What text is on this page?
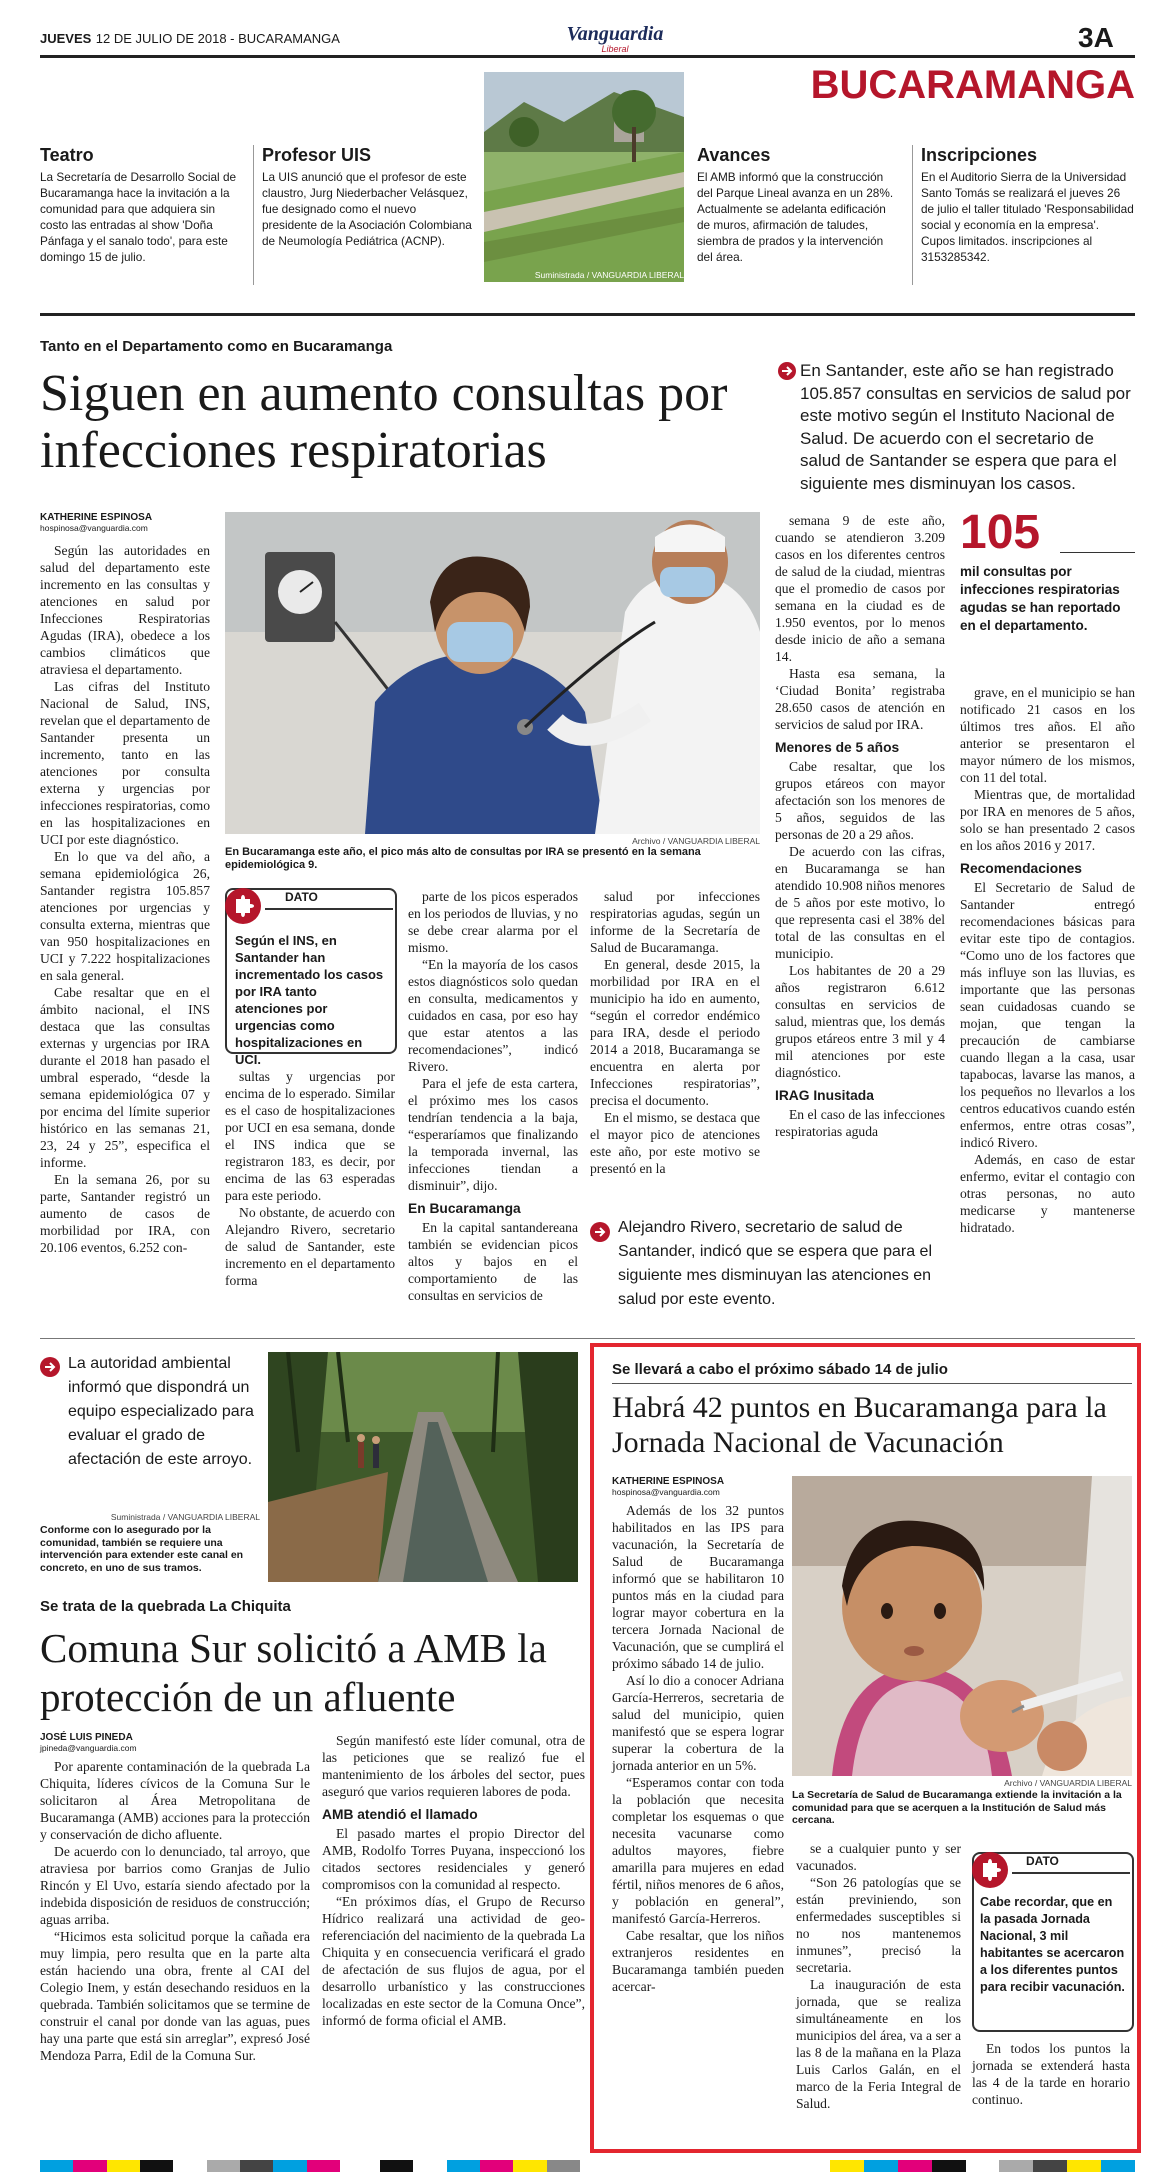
JUEVES 12 DE JULIO DE 2018 - BUCARAMANGA	Vanguardia
Liberal	3A
BUCARAMANGA
Teatro

La Secretaría de Desarrollo Social de Bucaramanga hace la invitación a la comunidad para que adquiera sin costo las entradas al show 'Doña Pánfaga y el sanalo todo', para este domingo 15 de julio.

Profesor UIS

La UIS anunció que el profesor de este claustro, Jurg Niederbacher Velásquez, fue designado como el nuevo presidente de la Asociación Colombiana de Neumología Pediátrica (ACNP).

Suministrada / VANGUARDIA LIBERAL
Avances

El AMB informó que la construcción del Parque Lineal avanza en un 28%. Actualmente se adelanta edificación de muros, afirmación de taludes, siembra de prados y la intervención del área.

Inscripciones

En el Auditorio Sierra de la Universidad Santo Tomás se realizará el jueves 26 de julio el taller titulado 'Responsabilidad social y economía en la empresa'. Cupos limitados. inscripciones al 3153285342.

Tanto en el Departamento como en Bucaramanga
Siguen en aumento consultas por infecciones respiratorias
En Santander, este año se han registrado 105.857 consultas en servicios de salud por este motivo según el Instituto Nacional de Salud. De acuerdo con el secretario de salud de Santander se espera que para el siguiente mes disminuyan los casos.
KATHERINE ESPINOSA
hospinosa@vanguardia.com
Archivo / VANGUARDIA LIBERAL
En Bucaramanga este año, el pico más alto de consultas por IRA se presentó en la semana epidemiológica 9.
105
mil consultas por infecciones respiratorias agudas se han reportado en el departamento.

Según las autoridades en salud del departamento este incremento en las consultas y atenciones en salud por Infecciones Respiratorias Agudas (IRA), obedece a los cambios climáticos que atraviesa el departamento.

Las cifras del Instituto Nacional de Salud, INS, revelan que el departamento de Santander presenta un incremento, tanto en las atenciones por consulta externa y urgencias por infecciones respiratorias, como en las hospitalizaciones en UCI por este diagnóstico.

En lo que va del año, a semana epidemiológica 26, Santander registra 105.857 atenciones por urgencias y consulta externa, mientras que van 950 hospitalizaciones en UCI y 7.222 hospitalizaciones en sala general.

Cabe resaltar que en el ámbito nacional, el INS destaca que las consultas externas y urgencias por IRA durante el 2018 han pasado el umbral esperado, “desde la semana epidemiológica 07 y por encima del límite superior histórico en las semanas 21, 23, 24 y 25”, especifica el informe.

En la semana 26, por su parte, Santander registró un aumento de casos de morbilidad por IRA, con 20.106 eventos, 6.252 con-

DATO
Según el INS, en Santander han incrementado los casos por IRA tanto atenciones por urgencias como hospitalizaciones en UCI.

sultas y urgencias por encima de lo esperado. Similar es el caso de hospitalizaciones por UCI en esa semana, donde el INS indica que se registraron 183, es decir, por encima de las 63 esperadas para este periodo.

No obstante, de acuerdo con Alejandro Rivero, secretario de salud de Santander, este incremento en el departamento forma

parte de los picos esperados en los periodos de lluvias, y no se debe crear alarma por el mismo.

“En la mayoría de los casos estos diagnósticos solo quedan en consulta, medicamentos y cuidados en casa, por eso hay que estar atentos a las recomendaciones”, indicó Rivero.

Para el jefe de esta cartera, el próximo mes los casos tendrían tendencia a la baja, “esperaríamos que finalizando la temporada invernal, las infecciones tiendan a disminuir”, dijo.

En Bucaramanga

En la capital santandereana también se evidencian picos altos y bajos en el comportamiento de las consultas en servicios de

salud por infecciones respiratorias agudas, según un informe de la Secretaría de Salud de Bucaramanga.

En general, desde 2015, la morbilidad por IRA en el municipio ha ido en aumento, “según el corredor endémico para IRA, desde el periodo 2014 a 2018, Bucaramanga se encuentra en alerta por Infecciones respiratorias”, precisa el documento.

En el mismo, se destaca que el mayor pico de atenciones este año, por este motivo se presentó en la

semana 9 de este año, cuando se atendieron 3.209 casos en los diferentes centros de salud de la ciudad, mientras que el promedio de casos por semana en la ciudad es de 1.950 eventos, por lo menos desde inicio de año a semana 14.

Hasta esa semana, la ‘Ciudad Bonita’ registraba 28.650 casos de atención en servicios de salud por IRA.

Menores de 5 años

Cabe resaltar, que los grupos etáreos con mayor afectación son los menores de 5 años, seguidos de las personas de 20 a 29 años.

De acuerdo con las cifras, en Bucaramanga se han atendido 10.908 niños menores de 5 años por este motivo, lo que representa casi el 38% del total de las consultas en el municipio.

Los habitantes de 20 a 29 años registraron 6.612 consultas en servicios de salud, mientras que, los demás grupos etáreos entre 3 mil y 4 mil atenciones por este diagnóstico.

IRAG Inusitada

En el caso de las infecciones respiratorias aguda

grave, en el municipio se han notificado 21 casos en los últimos tres años. El año anterior se presentaron el mayor número de los mismos, con 11 del total.

Mientras que, de mortalidad por IRA en menores de 5 años, solo se han presentado 2 casos en los años 2016 y 2017.

Recomendaciones

El Secretario de Salud de Santander entregó recomendaciones básicas para evitar este tipo de contagios. “Como uno de los factores que más influye son las lluvias, es importante que las personas sean cuidadosas cuando se mojan, que tengan la precaución de cambiarse cuando llegan a la casa, usar tapabocas, lavarse las manos, a los pequeños no llevarlos a los centros educativos cuando estén enfermos, entre otras cosas”, indicó Rivero.

Además, en caso de estar enfermo, evitar el contagio con otras personas, no auto medicarse y mantenerse hidratado.

Alejandro Rivero, secretario de salud de Santander, indicó que se espera que para el siguiente mes disminuyan las atenciones en salud por este evento.
La autoridad ambiental informó que dispondrá un equipo especializado para evaluar el grado de afectación de este arroyo.
Suministrada / VANGUARDIA LIBERAL
Conforme con lo asegurado por la comunidad, también se requiere una intervención para extender este canal en concreto, en uno de sus tramos.
Se trata de la quebrada La Chiquita
Comuna Sur solicitó a AMB la protección de un afluente
JOSÉ LUIS PINEDA
jpineda@vanguardia.com

Por aparente contaminación de la quebrada La Chiquita, líderes cívicos de la Comuna Sur le solicitaron al Área Metropolitana de Bucaramanga (AMB) acciones para la protección y conservación de dicho afluente.

De acuerdo con lo denunciado, tal arroyo, que atraviesa por barrios como Granjas de Julio Rincón y El Uvo, estaría siendo afectado por la indebida disposición de residuos de construcción; aguas arriba.

“Hicimos esta solicitud porque la cañada era muy limpia, pero resulta que en la parte alta están haciendo una obra, frente al CAI del Colegio Inem, y están desechando residuos en la quebrada. También solicitamos que se termine de construir el canal por donde van las aguas, pues hay una parte que está sin arreglar”, expresó José Mendoza Parra, Edil de la Comuna Sur.

Según manifestó este líder comunal, otra de las peticiones que se realizó fue el mantenimiento de los árboles del sector, pues aseguró que varios requieren labores de poda.

AMB atendió el llamado

El pasado martes el propio Director del AMB, Rodolfo Torres Puyana, inspeccionó los citados sectores residenciales y generó compromisos con la comunidad al respecto.

“En próximos días, el Grupo de Recurso Hídrico realizará una actividad de geo-referenciación del nacimiento de la quebrada La Chiquita y en consecuencia verificará el grado de afectación de sus flujos de agua, por el desarrollo urbanístico y las construcciones localizadas en este sector de la Comuna Once”, informó de forma oficial el AMB.

Se llevará a cabo el próximo sábado 14 de julio
Habrá 42 puntos en Bucaramanga para la Jornada Nacional de Vacunación
KATHERINE ESPINOSA
hospinosa@vanguardia.com
Archivo / VANGUARDIA LIBERAL
La Secretaría de Salud de Bucaramanga extiende la invitación a la comunidad para que se acerquen a la Institución de Salud más cercana.

Además de los 32 puntos habilitados en las IPS para vacunación, la Secretaría de Salud de Bucaramanga informó que se habilitaron 10 puntos más en la ciudad para lograr mayor cobertura en la tercera Jornada Nacional de Vacunación, que se cumplirá el próximo sábado 14 de julio.

Así lo dio a conocer Adriana García-Herreros, secretaria de salud del municipio, quien manifestó que se espera lograr superar la cobertura de la jornada anterior en un 5%.

“Esperamos contar con toda la población que necesita completar los esquemas o que necesita vacunarse como adultos mayores, fiebre amarilla para mujeres en edad fértil, niños menores de 6 años, y población en general”, manifestó García-Herreros.

Cabe resaltar, que los niños extranjeros residentes en Bucaramanga también pueden acercar-

se a cualquier punto y ser vacunados.

“Son 26 patologías que se están previniendo, son enfermedades susceptibles si no nos mantenemos inmunes”, precisó la secretaria.

La inauguración de esta jornada, que se realiza simultáneamente en los municipios del área, va a ser a las 8 de la mañana en la Plaza Luis Carlos Galán, en el marco de la Feria Integral de Salud.

DATO
Cabe recordar, que en la pasada Jornada Nacional, 3 mil habitantes se acercaron a los diferentes puntos para recibir vacunación.

En todos los puntos la jornada se extenderá hasta las 4 de la tarde en horario continuo.
